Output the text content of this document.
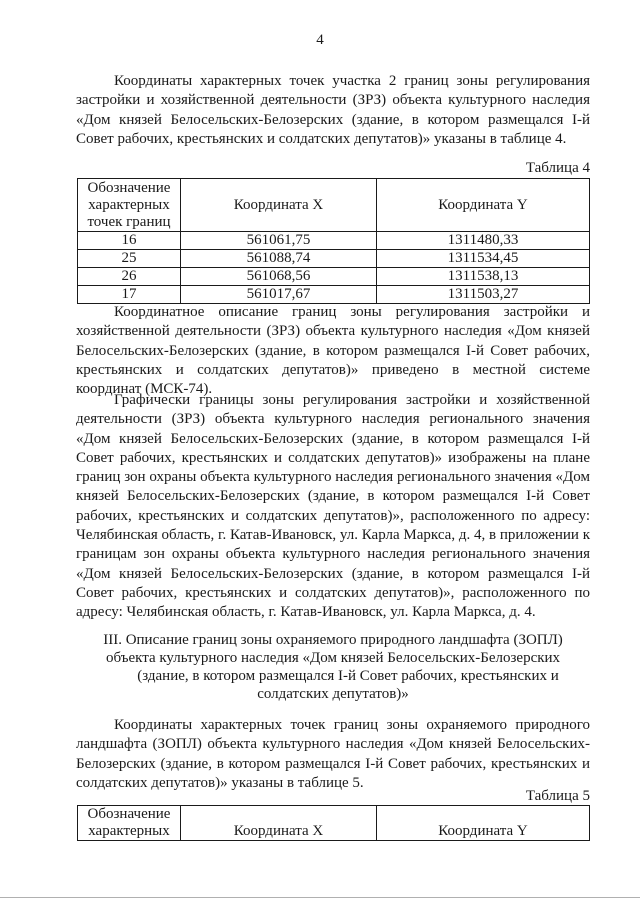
4

Координаты характерных точек участка 2 границ зоны регулирования застройки и хозяйственной деятельности (ЗРЗ) объекта культурного наследия «Дом князей Белосельских-Белозерских (здание, в котором размещался I-й Совет рабочих, крестьянских и солдатских депутатов)» указаны в таблице 4.

Таблица 4
Обозначение характерных точек границ	Координата X	Координата Y
16	561061,75	1311480,33
25	561088,74	1311534,45
26	561068,56	1311538,13
17	561017,67	1311503,27

Координатное описание границ зоны регулирования застройки и хозяйственной деятельности (ЗРЗ) объекта культурного наследия «Дом князей Белосельских-Белозерских (здание, в котором размещался I-й Совет рабочих, крестьянских и солдатских депутатов)» приведено в местной системе координат (МСК-74).

Графически границы зоны регулирования застройки и хозяйственной деятельности (ЗРЗ) объекта культурного наследия регионального значения «Дом князей Белосельских-Белозерских (здание, в котором размещался I-й Совет рабочих, крестьянских и солдатских депутатов)» изображены на плане границ зон охраны объекта культурного наследия регионального значения «Дом князей Белосельских-Белозерских (здание, в котором размещался I-й Совет рабочих, крестьянских и солдатских депутатов)», расположенного по адресу: Челябинская область, г. Катав-Ивановск, ул. Карла Маркса, д. 4, в приложении к границам зон охраны объекта культурного наследия регионального значения «Дом князей Белосельских-Белозерских (здание, в котором размещался I-й Совет рабочих, крестьянских и солдатских депутатов)», расположенного по адресу: Челябинская область, г. Катав-Ивановск, ул. Карла Маркса, д. 4.

III. Описание границ зоны охраняемого природного ландшафта (ЗОПЛ)
объекта культурного наследия «Дом князей Белосельских-Белозерских
(здание, в котором размещался I-й Совет рабочих, крестьянских и
солдатских депутатов)»

Координаты характерных точек границ зоны охраняемого природного ландшафта (ЗОПЛ) объекта культурного наследия «Дом князей Белосельских-Белозерских (здание, в котором размещался I-й Совет рабочих, крестьянских и солдатских депутатов)» указаны в таблице 5.

Таблица 5
Обозначение характерных	Координата X	Координата Y
